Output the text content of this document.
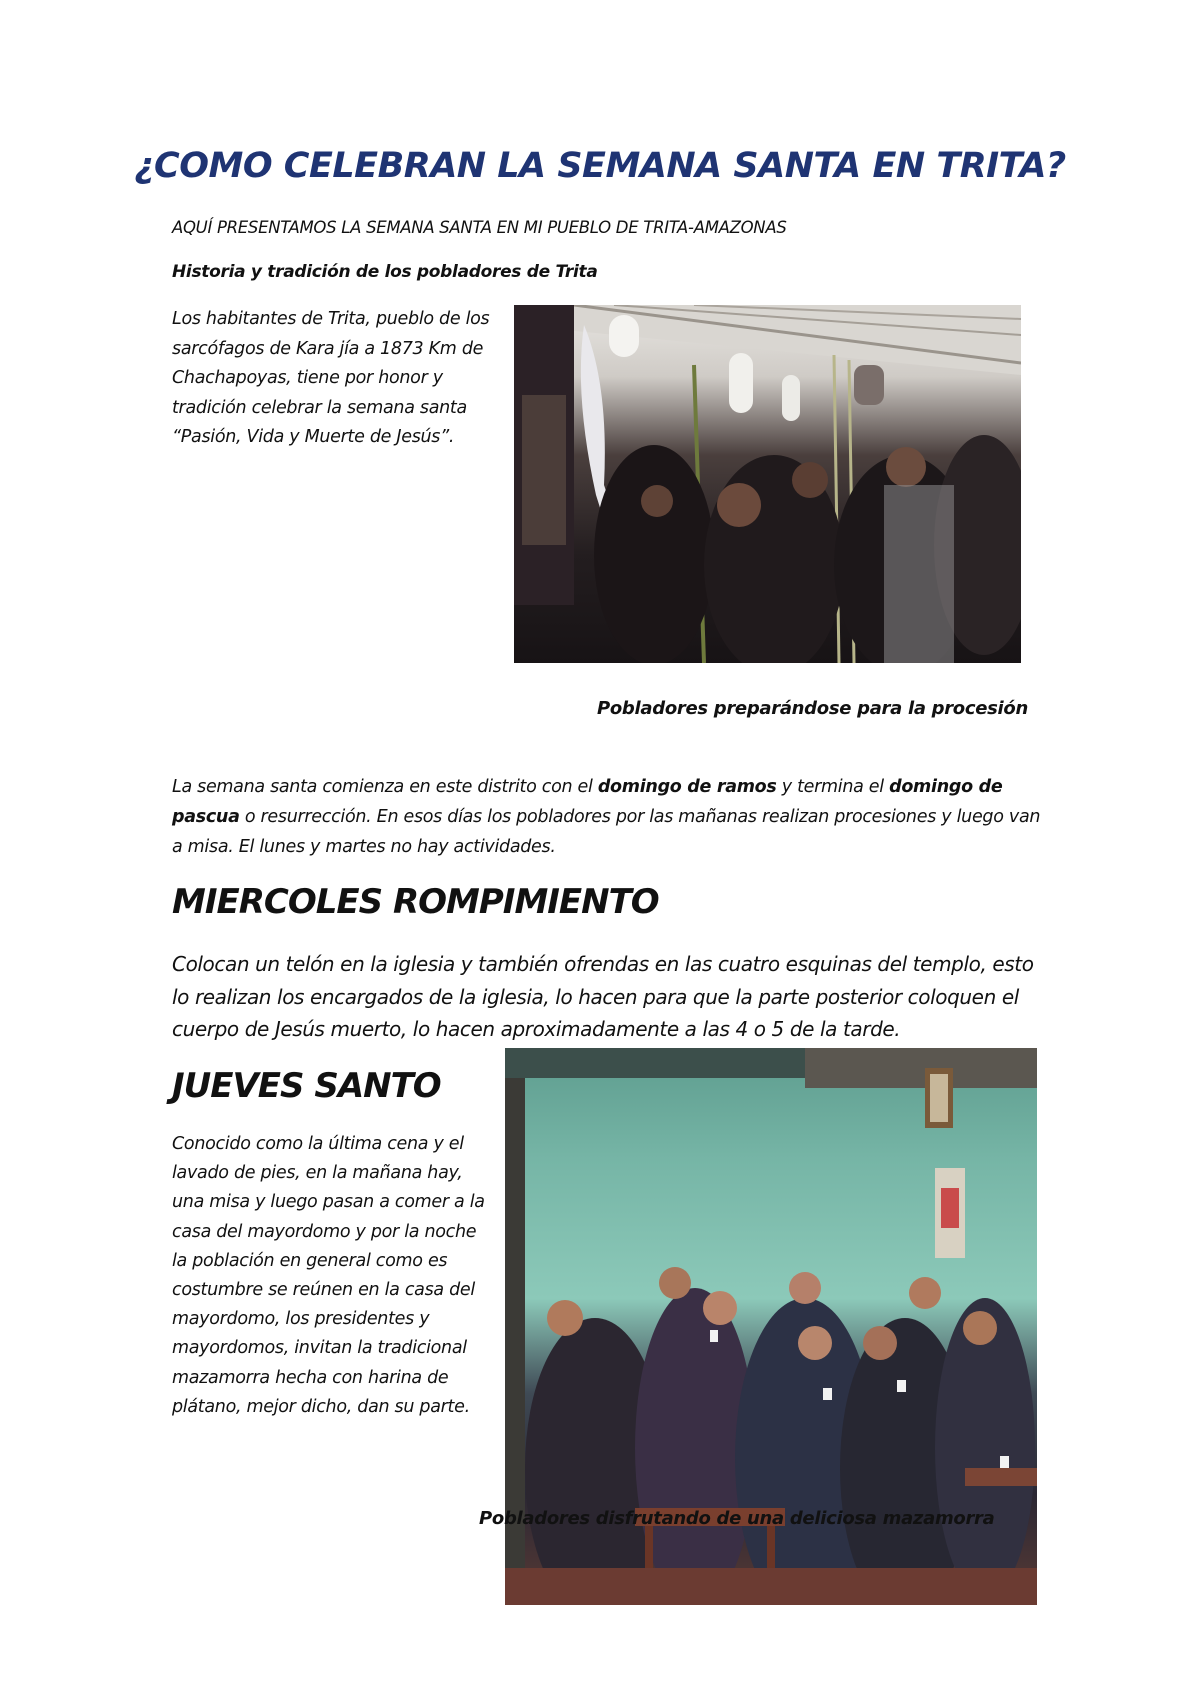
¿COMO CELEBRAN LA SEMANA SANTA EN TRITA?
AQUÍ PRESENTAMOS LA SEMANA SANTA EN MI PUEBLO DE TRITA-AMAZONAS
Historia y tradición de los pobladores de Trita
Los habitantes de Trita, pueblo de los sarcófagos de Kara jía a 1873 Km de Chachapoyas, tiene por honor y tradición celebrar la semana santa “Pasión, Vida y Muerte de Jesús”.
Pobladores preparándose para la procesión
La semana santa comienza en este distrito con el domingo de ramos y termina el domingo de pascua o resurrección. En esos días los pobladores por las mañanas realizan procesiones y luego van a misa. El lunes y martes no hay actividades.
MIERCOLES ROMPIMIENTO
Colocan un telón en la iglesia y también ofrendas en las cuatro esquinas del templo, esto lo realizan los encargados de la iglesia, lo hacen para que la parte posterior coloquen el cuerpo de Jesús muerto, lo hacen aproximadamente a las 4 o 5 de la tarde.
JUEVES SANTO
Conocido como la última cena y el lavado de pies, en la mañana hay, una misa y luego pasan a comer a la casa del mayordomo y por la noche la población en general como es costumbre se reúnen en la casa del mayordomo, los presidentes y mayordomos, invitan la tradicional mazamorra hecha con harina de plátano, mejor dicho, dan su parte.
Pobladores disfrutando de una deliciosa mazamorra
